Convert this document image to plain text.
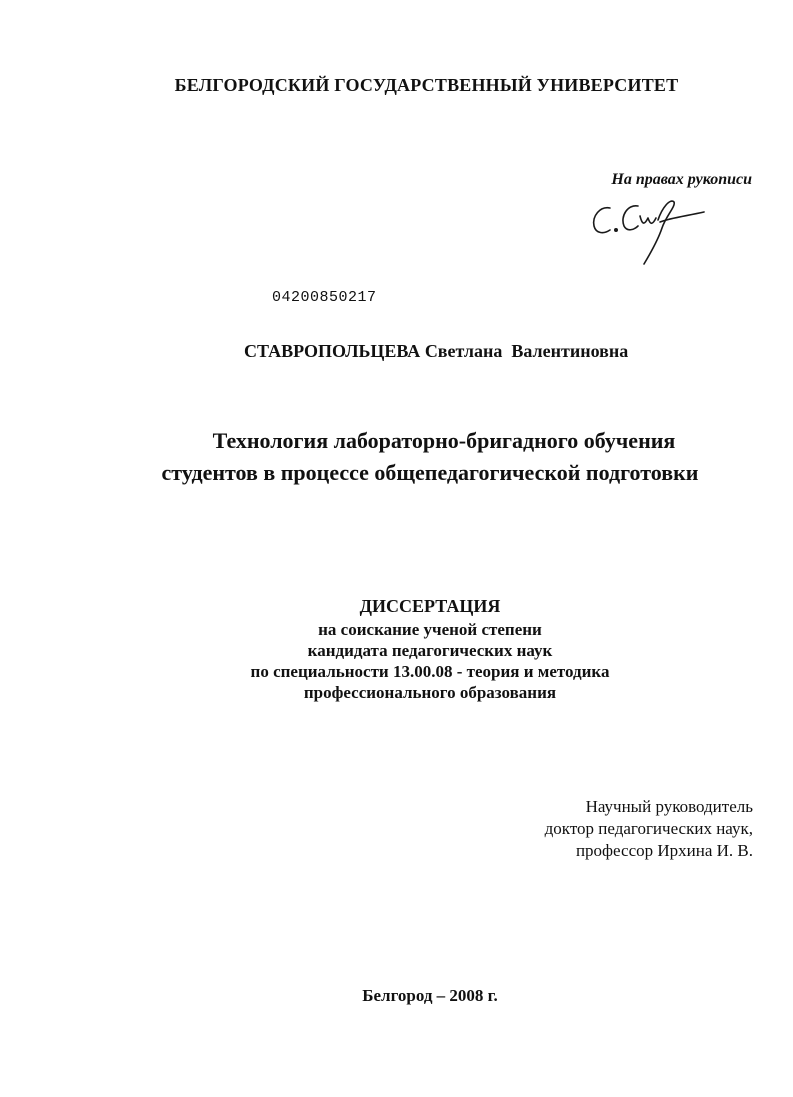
БЕЛГОРОДСКИЙ ГОСУДАРСТВЕННЫЙ УНИВЕРСИТЕТ
На правах рукописи
04200850217
СТАВРОПОЛЬЦЕВА Светлана  Валентиновна
Технология лабораторно-бригадного обучения
студентов в процессе общепедагогической подготовки
ДИССЕРТАЦИЯ
на соискание ученой степени
кандидата педагогических наук
по специальности 13.00.08 - теория и методика
профессионального образования
Научный руководитель
доктор педагогических наук,
профессор Ирхина И. В.
Белгород – 2008 г.
